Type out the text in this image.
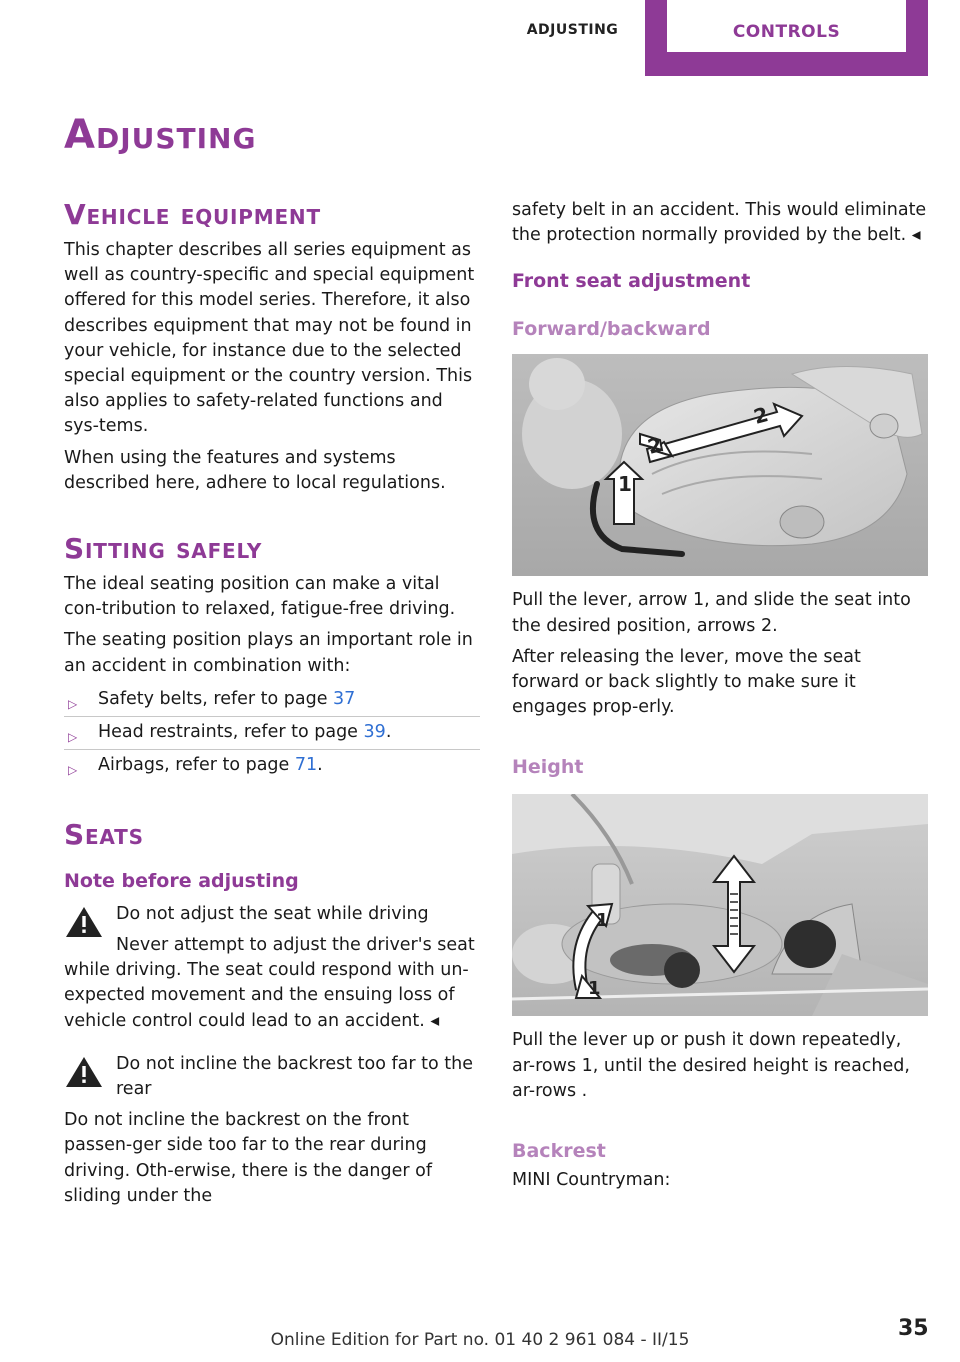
ADJUSTING	CONTROLS
Adjusting
Vehicle equipment

This chapter describes all series equipment as well as country-specific and special equipment offered for this model series. Therefore, it also describes equipment that may not be found in your vehicle, for instance due to the selected special equipment or the country version. This also applies to safety-related functions and sys-tems.

When using the features and systems described here, adhere to local regulations.

Sitting safely

The ideal seating position can make a vital con-tribution to relaxed, fatigue-free driving.

The seating position plays an important role in an accident in combination with:

▷ Safety belts, refer to page 37
▷ Head restraints, refer to page 39.
▷ Airbags, refer to page 71.
Seats
Note before adjusting

Do not adjust the seat while driving

Never attempt to adjust the driver's seat
while driving. The seat could respond with un-expected movement and the ensuing loss of vehicle control could lead to an accident. ◂

Do not incline the backrest too far to the rear

Do not incline the backrest on the front passen-ger side too far to the rear during driving. Oth-erwise, there is the danger of sliding under the

safety belt in an accident. This would eliminate the protection normally provided by the belt. ◂

Front seat adjustment
Forward/backward
2
2
1

Pull the lever, arrow 1, and slide the seat into the desired position, arrows 2.

After releasing the lever, move the seat forward or back slightly to make sure it engages prop-erly.

Height
1
1

Pull the lever up or push it down repeatedly, ar-rows 1, until the desired height is reached, ar-rows .

Backrest

MINI Countryman:

35
Online Edition for Part no. 01 40 2 961 084 - II/15
